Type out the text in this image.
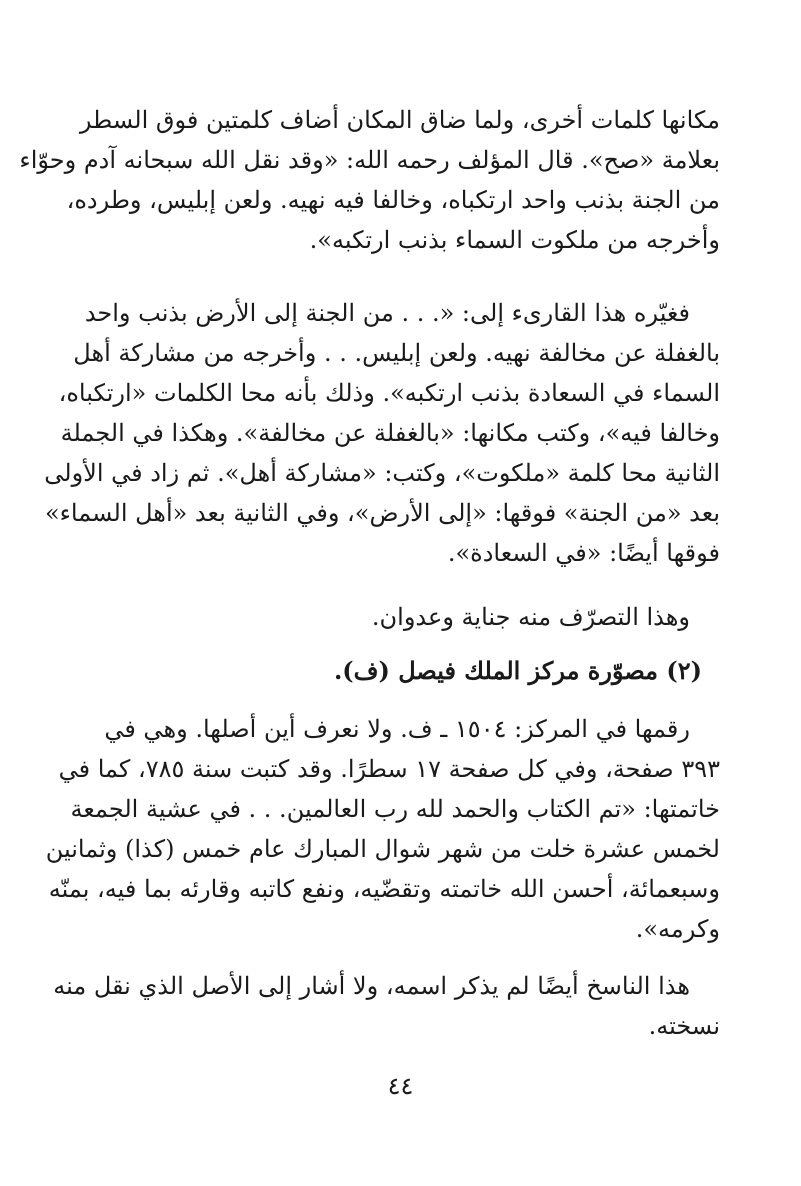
مكانها كلمات أخرى، ولما ضاق المكان أضاف كلمتين فوق السطر
بعلامة «صح». قال المؤلف رحمه الله: «وقد نقل الله سبحانه آدم وحوّاء
من الجنة بذنب واحد ارتكباه، وخالفا فيه نهيه. ولعن إبليس، وطرده،
وأخرجه من ملكوت السماء بذنب ارتكبه».
فغيّره هذا القارىء إلى: «. . . من الجنة إلى الأرض بذنب واحد
بالغفلة عن مخالفة نهيه. ولعن إبليس. . . وأخرجه من مشاركة أهل
السماء في السعادة بذنب ارتكبه». وذلك بأنه محا الكلمات «ارتكباه،
وخالفا فيه»، وكتب مكانها: «بالغفلة عن مخالفة». وهكذا في الجملة
الثانية محا كلمة «ملكوت»، وكتب: «مشاركة أهل». ثم زاد في الأولى
بعد «من الجنة» فوقها: «إلى الأرض»، وفي الثانية بعد «أهل السماء»
فوقها أيضًا: «في السعادة».
وهذا التصرّف منه جناية وعدوان.
(٢) مصوّرة مركز الملك فيصل (ف).
رقمها في المركز: ١٥٠٤ ـ ف. ولا نعرف أين أصلها. وهي في
٣٩٣ صفحة، وفي كل صفحة ١٧ سطرًا. وقد كتبت سنة ٧٨٥، كما في
خاتمتها: «تم الكتاب والحمد لله رب العالمين. . . في عشية الجمعة
لخمس عشرة خلت من شهر شوال المبارك عام خمس (كذا) وثمانين
وسبعمائة، أحسن الله خاتمته وتقضّيه، ونفع كاتبه وقارئه بما فيه، بمنّه
وكرمه».
هذا الناسخ أيضًا لم يذكر اسمه، ولا أشار إلى الأصل الذي نقل منه
نسخته.
٤٤
